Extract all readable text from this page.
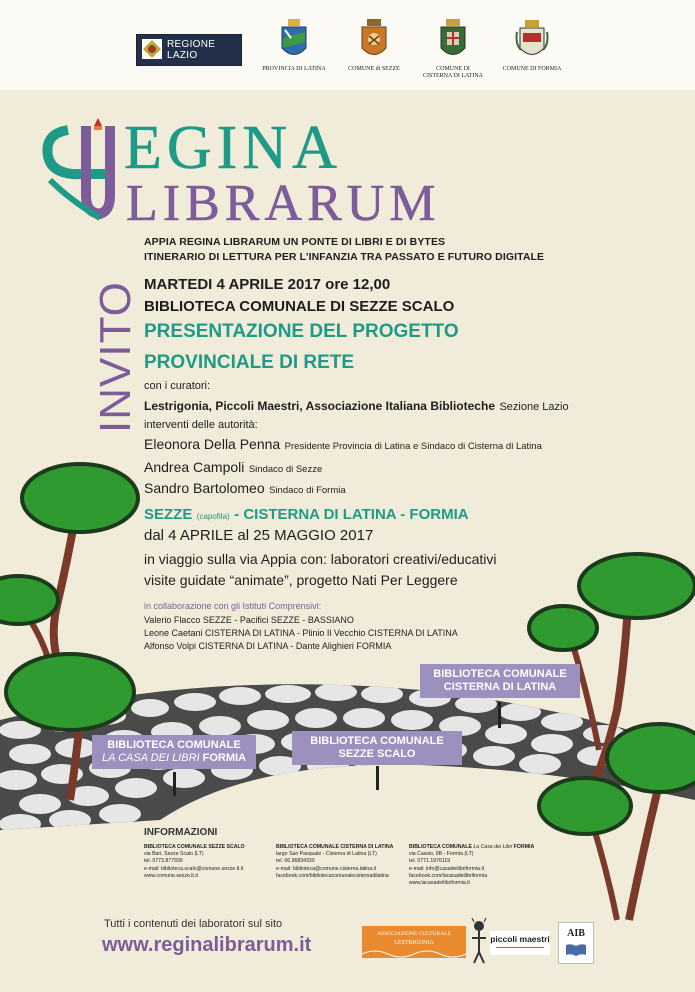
REGIONE
LAZIO
PROVINCIA DI LATINA	COMUNE di SEZZE	COMUNE DI
CISTERNA DI LATINA
COMUNE DI FORMIA
R
EGINA
LIBRARUM
APPIA REGINA LIBRARUM UN PONTE DI LIBRI E DI BYTES
ITINERARIO DI LETTURA PER L’INFANZIA TRA PASSATO E FUTURO DIGITALE
INVITO MARTEDI 4 APRILE 2017 ore 12,00
BIBLIOTECA COMUNALE DI SEZZE SCALO
PRESENTAZIONE DEL PROGETTO
PROVINCIALE DI RETE
con i curatori:
Lestrigonia, Piccoli Maestri, Associazione Italiana Biblioteche Sezione Lazio
interventi delle autorità:
Eleonora Della Penna Presidente Provincia di Latina e Sindaco di Cisterna di Latina
Andrea Campoli Sindaco di Sezze
Sandro Bartolomeo Sindaco di Formia
SEZZE (capofila) - CISTERNA DI LATINA - FORMIA
dal 4 APRILE al 25 MAGGIO 2017
in viaggio sulla via Appia con: laboratori creativi/educativi
visite guidate “animate”, progetto Nati Per Leggere
in collaborazione con gli Istituti Comprensivi:
Valerio Flacco SEZZE - Pacifici SEZZE - BASSIANO
Leone Caetani CISTERNA DI LATINA - Plinio Il Vecchio CISTERNA DI LATINA
Alfonso Volpi CISTERNA DI LATINA - Dante Alighieri FORMIA
BIBLIOTECA COMUNALE
CISTERNA DI LATINA
BIBLIOTECA COMUNALE
SEZZE SCALO
BIBLIOTECA COMUNALE
LA CASA DEI LIBRI FORMIA
INFORMAZIONI
BIBLIOTECA COMUNALE SEZZE SCALO
via Bari, Sezze Scalo (LT)
tel. 0773.877939
e-mail: biblioteca.scalo@comune.sezze.lt.it
www.comune.sezze.lt.it
BIBLIOTECA COMUNALE CISTERNA DI LATINA
largo San Pasquale - Cisterna di Latina (LT)
tel. 06.96834330
e-mail: biblioteca@comune.cisterna.latina.it
facebook.com/bibliotecacomunalecisternadilatina
BIBLIOTECA COMUNALE La Casa dei Libri FORMIA
via Cassio, 9B - Formia (LT)
tel. 0771.1976119
e-mail: info@casadeilibriformia.it
facebook.com/lacasadeilibriformia
www.lacasadeilibriformia.it
Tutti i contenuti dei laboratori sul sito
www.reginalibrarum.it	ASSOCIAZIONE CULTURALE
LESTRIGONIA	piccoli maestri	AIB
